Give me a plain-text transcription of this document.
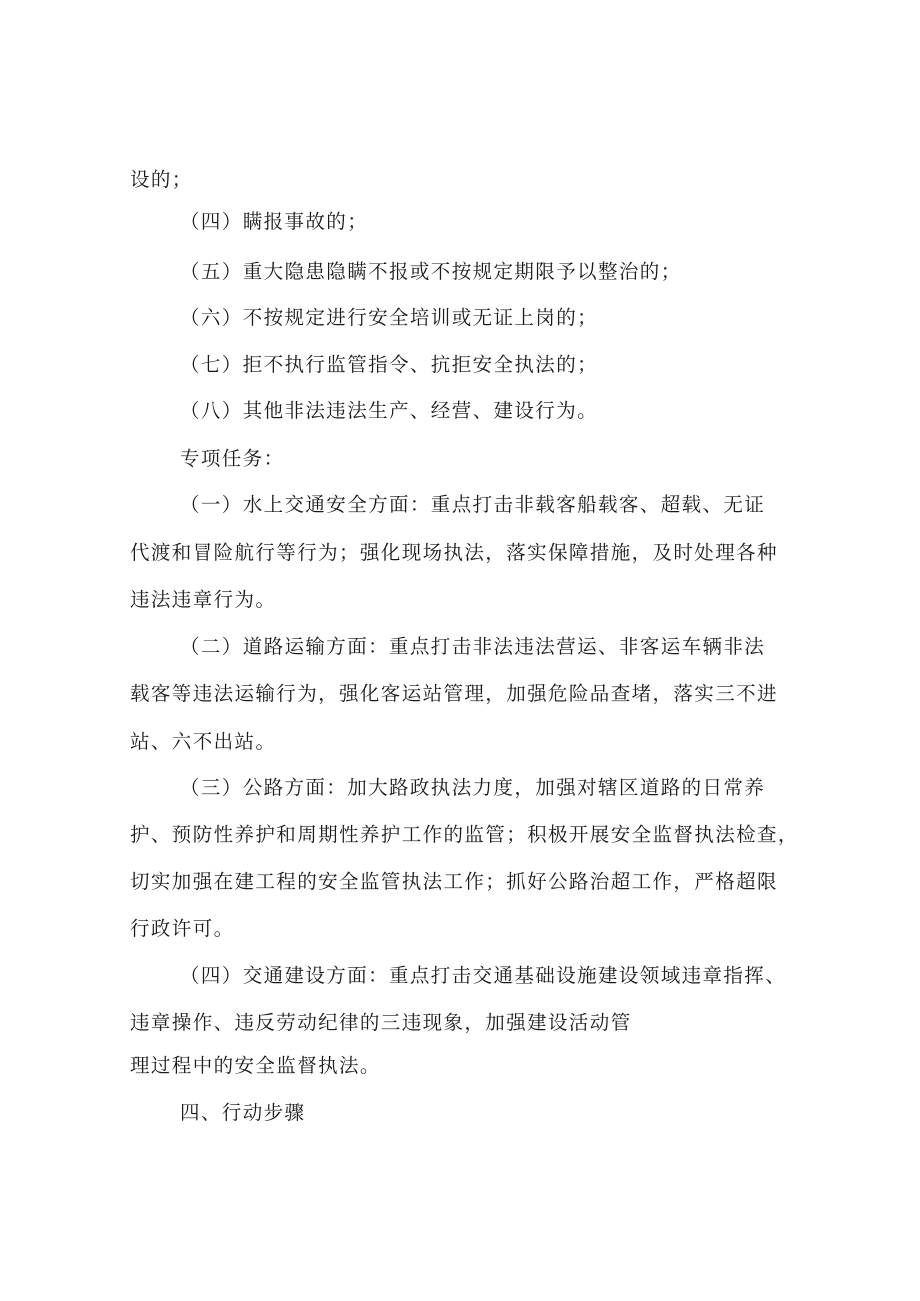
设的；
（四）瞒报事故的；
（五）重大隐患隐瞒不报或不按规定期限予以整治的；
（六）不按规定进行安全培训或无证上岗的；
（七）拒不执行监管指令、抗拒安全执法的；
（八）其他非法违法生产、经营、建设行为。
专项任务：
（一）水上交通安全方面：重点打击非载客船载客、超载、无证
代渡和冒险航行等行为；强化现场执法，落实保障措施，及时处理各种
违法违章行为。
（二）道路运输方面：重点打击非法违法营运、非客运车辆非法
载客等违法运输行为，强化客运站管理，加强危险品查堵，落实三不进
站、六不出站。
（三）公路方面：加大路政执法力度，加强对辖区道路的日常养
护、预防性养护和周期性养护工作的监管；积极开展安全监督执法检查，
切实加强在建工程的安全监管执法工作；抓好公路治超工作，严格超限
行政许可。
（四）交通建设方面：重点打击交通基础设施建设领域违章指挥、
违章操作、违反劳动纪律的三违现象，加强建设活动管
理过程中的安全监督执法。
四、行动步骤
